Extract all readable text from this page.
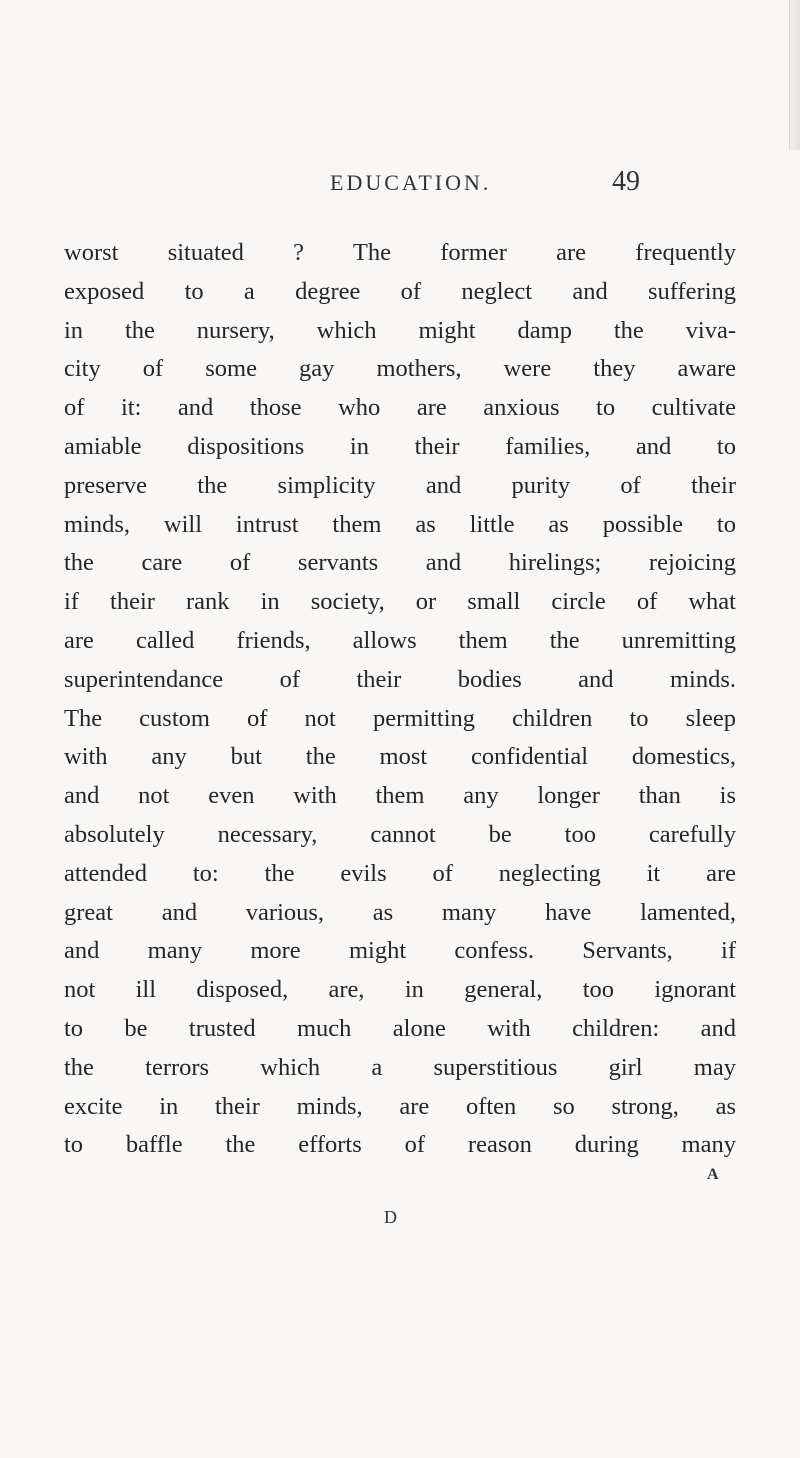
EDUCATION.	49
worst situated ? The former are frequently
exposed to a degree of neglect and suffering
in the nursery, which might damp the viva-
city of some gay mothers, were they aware
of it: and those who are anxious to cultivate
amiable dispositions in their families, and to
preserve the simplicity and purity of their
minds, will intrust them as little as possible to
the care of servants and hirelings; rejoicing
if their rank in society, or small circle of what
are called friends, allows them the unremitting
superintendance of their bodies and minds.
The custom of not permitting children to sleep
with any but the most confidential domestics,
and not even with them any longer than is
absolutely necessary, cannot be too carefully
attended to: the evils of neglecting it are
great and various, as many have lamented,
and many more might confess. Servants, if
not ill disposed, are, in general, too ignorant
to be trusted much alone with children: and
the terrors which a superstitious girl may
excite in their minds, are often so strong, as
to baffle the efforts of reason during many
A
D
